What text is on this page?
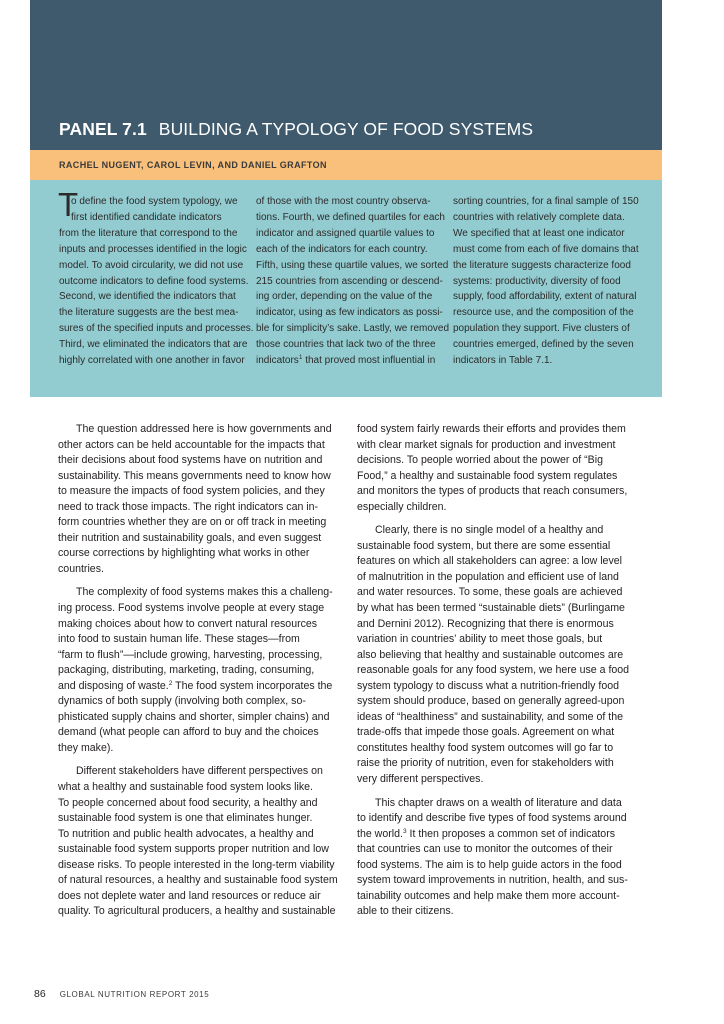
PANEL 7.1 BUILDING A TYPOLOGY OF FOOD SYSTEMS
RACHEL NUGENT, CAROL LEVIN, AND DANIEL GRAFTON
T
o define the food system typology, we
first identified candidate indicators
from the literature that correspond to the
inputs and processes identified in the logic
model. To avoid circularity, we did not use
outcome indicators to define food systems.
Second, we identified the indicators that
the literature suggests are the best mea-
sures of the specified inputs and processes.
Third, we eliminated the indicators that are
highly correlated with one another in favor
of those with the most country observa-
tions. Fourth, we defined quartiles for each
indicator and assigned quartile values to
each of the indicators for each country.
Fifth, using these quartile values, we sorted
215 countries from ascending or descend-
ing order, depending on the value of the
indicator, using as few indicators as possi-
ble for simplicity’s sake. Lastly, we removed
those countries that lack two of the three
indicators$^1$ that proved most influential in
sorting countries, for a final sample of 150
countries with relatively complete data.
We specified that at least one indicator
must come from each of five domains that
the literature suggests characterize food
systems: productivity, diversity of food
supply, food affordability, extent of natural
resource use, and the composition of the
population they support. Five clusters of
countries emerged, defined by the seven
indicators in Table 7.1.
The question addressed here is how governments and
other actors can be held accountable for the impacts that
their decisions about food systems have on nutrition and
sustainability. This means governments need to know how
to measure the impacts of food system policies, and they
need to track those impacts. The right indicators can in-
form countries whether they are on or off track in meeting
their nutrition and sustainability goals, and even suggest
course corrections by highlighting what works in other
countries.
The complexity of food systems makes this a challeng-
ing process. Food systems involve people at every stage
making choices about how to convert natural resources
into food to sustain human life. These stages—from
“farm to flush”—include growing, harvesting, processing,
packaging, distributing, marketing, trading, consuming,
and disposing of waste.$^2$ The food system incorporates the
dynamics of both supply (involving both complex, so-
phisticated supply chains and shorter, simpler chains) and
demand (what people can afford to buy and the choices
they make).
Different stakeholders have different perspectives on
what a healthy and sustainable food system looks like.
To people concerned about food security, a healthy and
sustainable food system is one that eliminates hunger.
To nutrition and public health advocates, a healthy and
sustainable food system supports proper nutrition and low
disease risks. To people interested in the long-term viability
of natural resources, a healthy and sustainable food system
does not deplete water and land resources or reduce air
quality. To agricultural producers, a healthy and sustainable
food system fairly rewards their efforts and provides them
with clear market signals for production and investment
decisions. To people worried about the power of “Big
Food,” a healthy and sustainable food system regulates
and monitors the types of products that reach consumers,
especially children.
Clearly, there is no single model of a healthy and
sustainable food system, but there are some essential
features on which all stakeholders can agree: a low level
of malnutrition in the population and efficient use of land
and water resources. To some, these goals are achieved
by what has been termed “sustainable diets” (Burlingame
and Dernini 2012). Recognizing that there is enormous
variation in countries’ ability to meet those goals, but
also believing that healthy and sustainable outcomes are
reasonable goals for any food system, we here use a food
system typology to discuss what a nutrition-friendly food
system should produce, based on generally agreed-upon
ideas of “healthiness” and sustainability, and some of the
trade-offs that impede those goals. Agreement on what
constitutes healthy food system outcomes will go far to
raise the priority of nutrition, even for stakeholders with
very different perspectives.
This chapter draws on a wealth of literature and data
to identify and describe five types of food systems around
the world.$^3$ It then proposes a common set of indicators
that countries can use to monitor the outcomes of their
food systems. The aim is to help guide actors in the food
system toward improvements in nutrition, health, and sus-
tainability outcomes and help make them more account-
able to their citizens.
86 GLOBAL NUTRITION REPORT 2015
